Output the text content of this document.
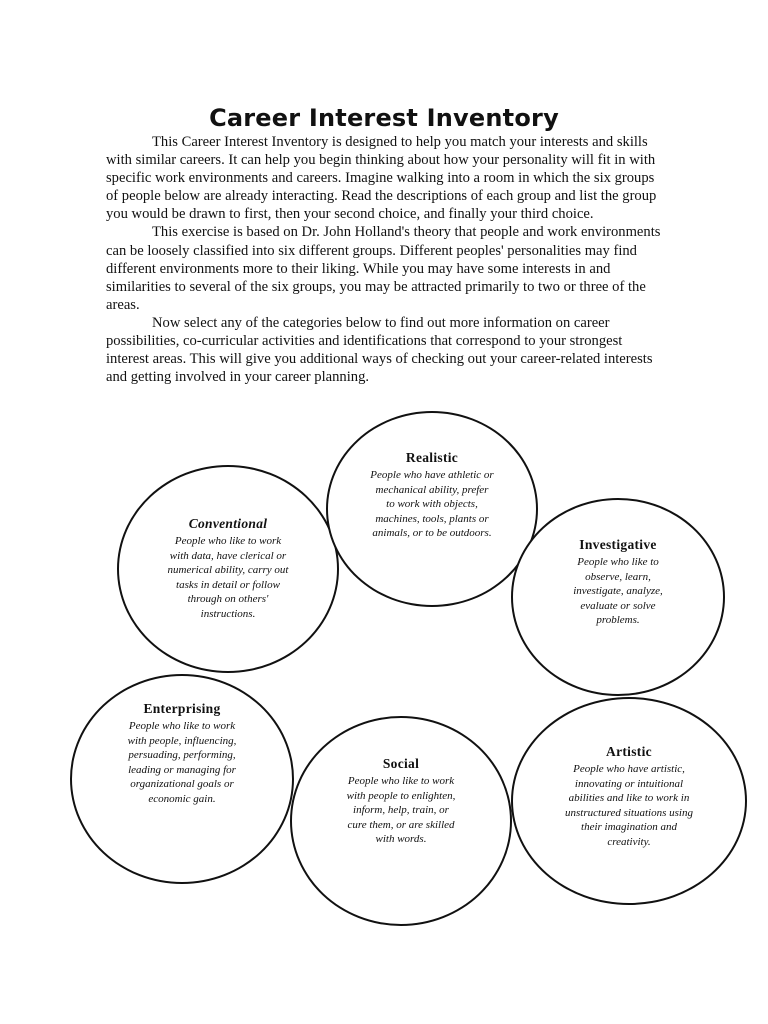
Career Interest Inventory

This Career Interest Inventory is designed to help you match your interests and skills with similar careers. It can help you begin thinking about how your personality will fit in with specific work environments and careers. Imagine walking into a room in which the six groups of people below are already interacting. Read the descriptions of each group and list the group you would be drawn to first, then your second choice, and finally your third choice.

This exercise is based on Dr. John Holland's theory that people and work environments can be loosely classified into six different groups. Different peoples' personalities may find different environments more to their liking. While you may have some interests in and similarities to several of the six groups, you may be attracted primarily to two or three of the areas.

Now select any of the categories below to find out more information on career possibilities, co-curricular activities and identifications that correspond to your strongest interest areas. This will give you additional ways of checking out your career-related interests and getting involved in your career planning.

Conventional

People who like to work with data, have clerical or numerical ability, carry out tasks in detail or follow through on others' instructions.

Realistic

People who have athletic or mechanical ability, prefer to work with objects, machines, tools, plants or animals, or to be outdoors.

Investigative

People who like to observe, learn, investigate, analyze, evaluate or solve problems.

Enterprising

People who like to work with people, influencing, persuading, performing, leading or managing for organizational goals or economic gain.

Social

People who like to work with people to enlighten, inform, help, train, or cure them, or are skilled with words.

Artistic

People who have artistic, innovating or intuitional abilities and like to work in unstructured situations using their imagination and creativity.
